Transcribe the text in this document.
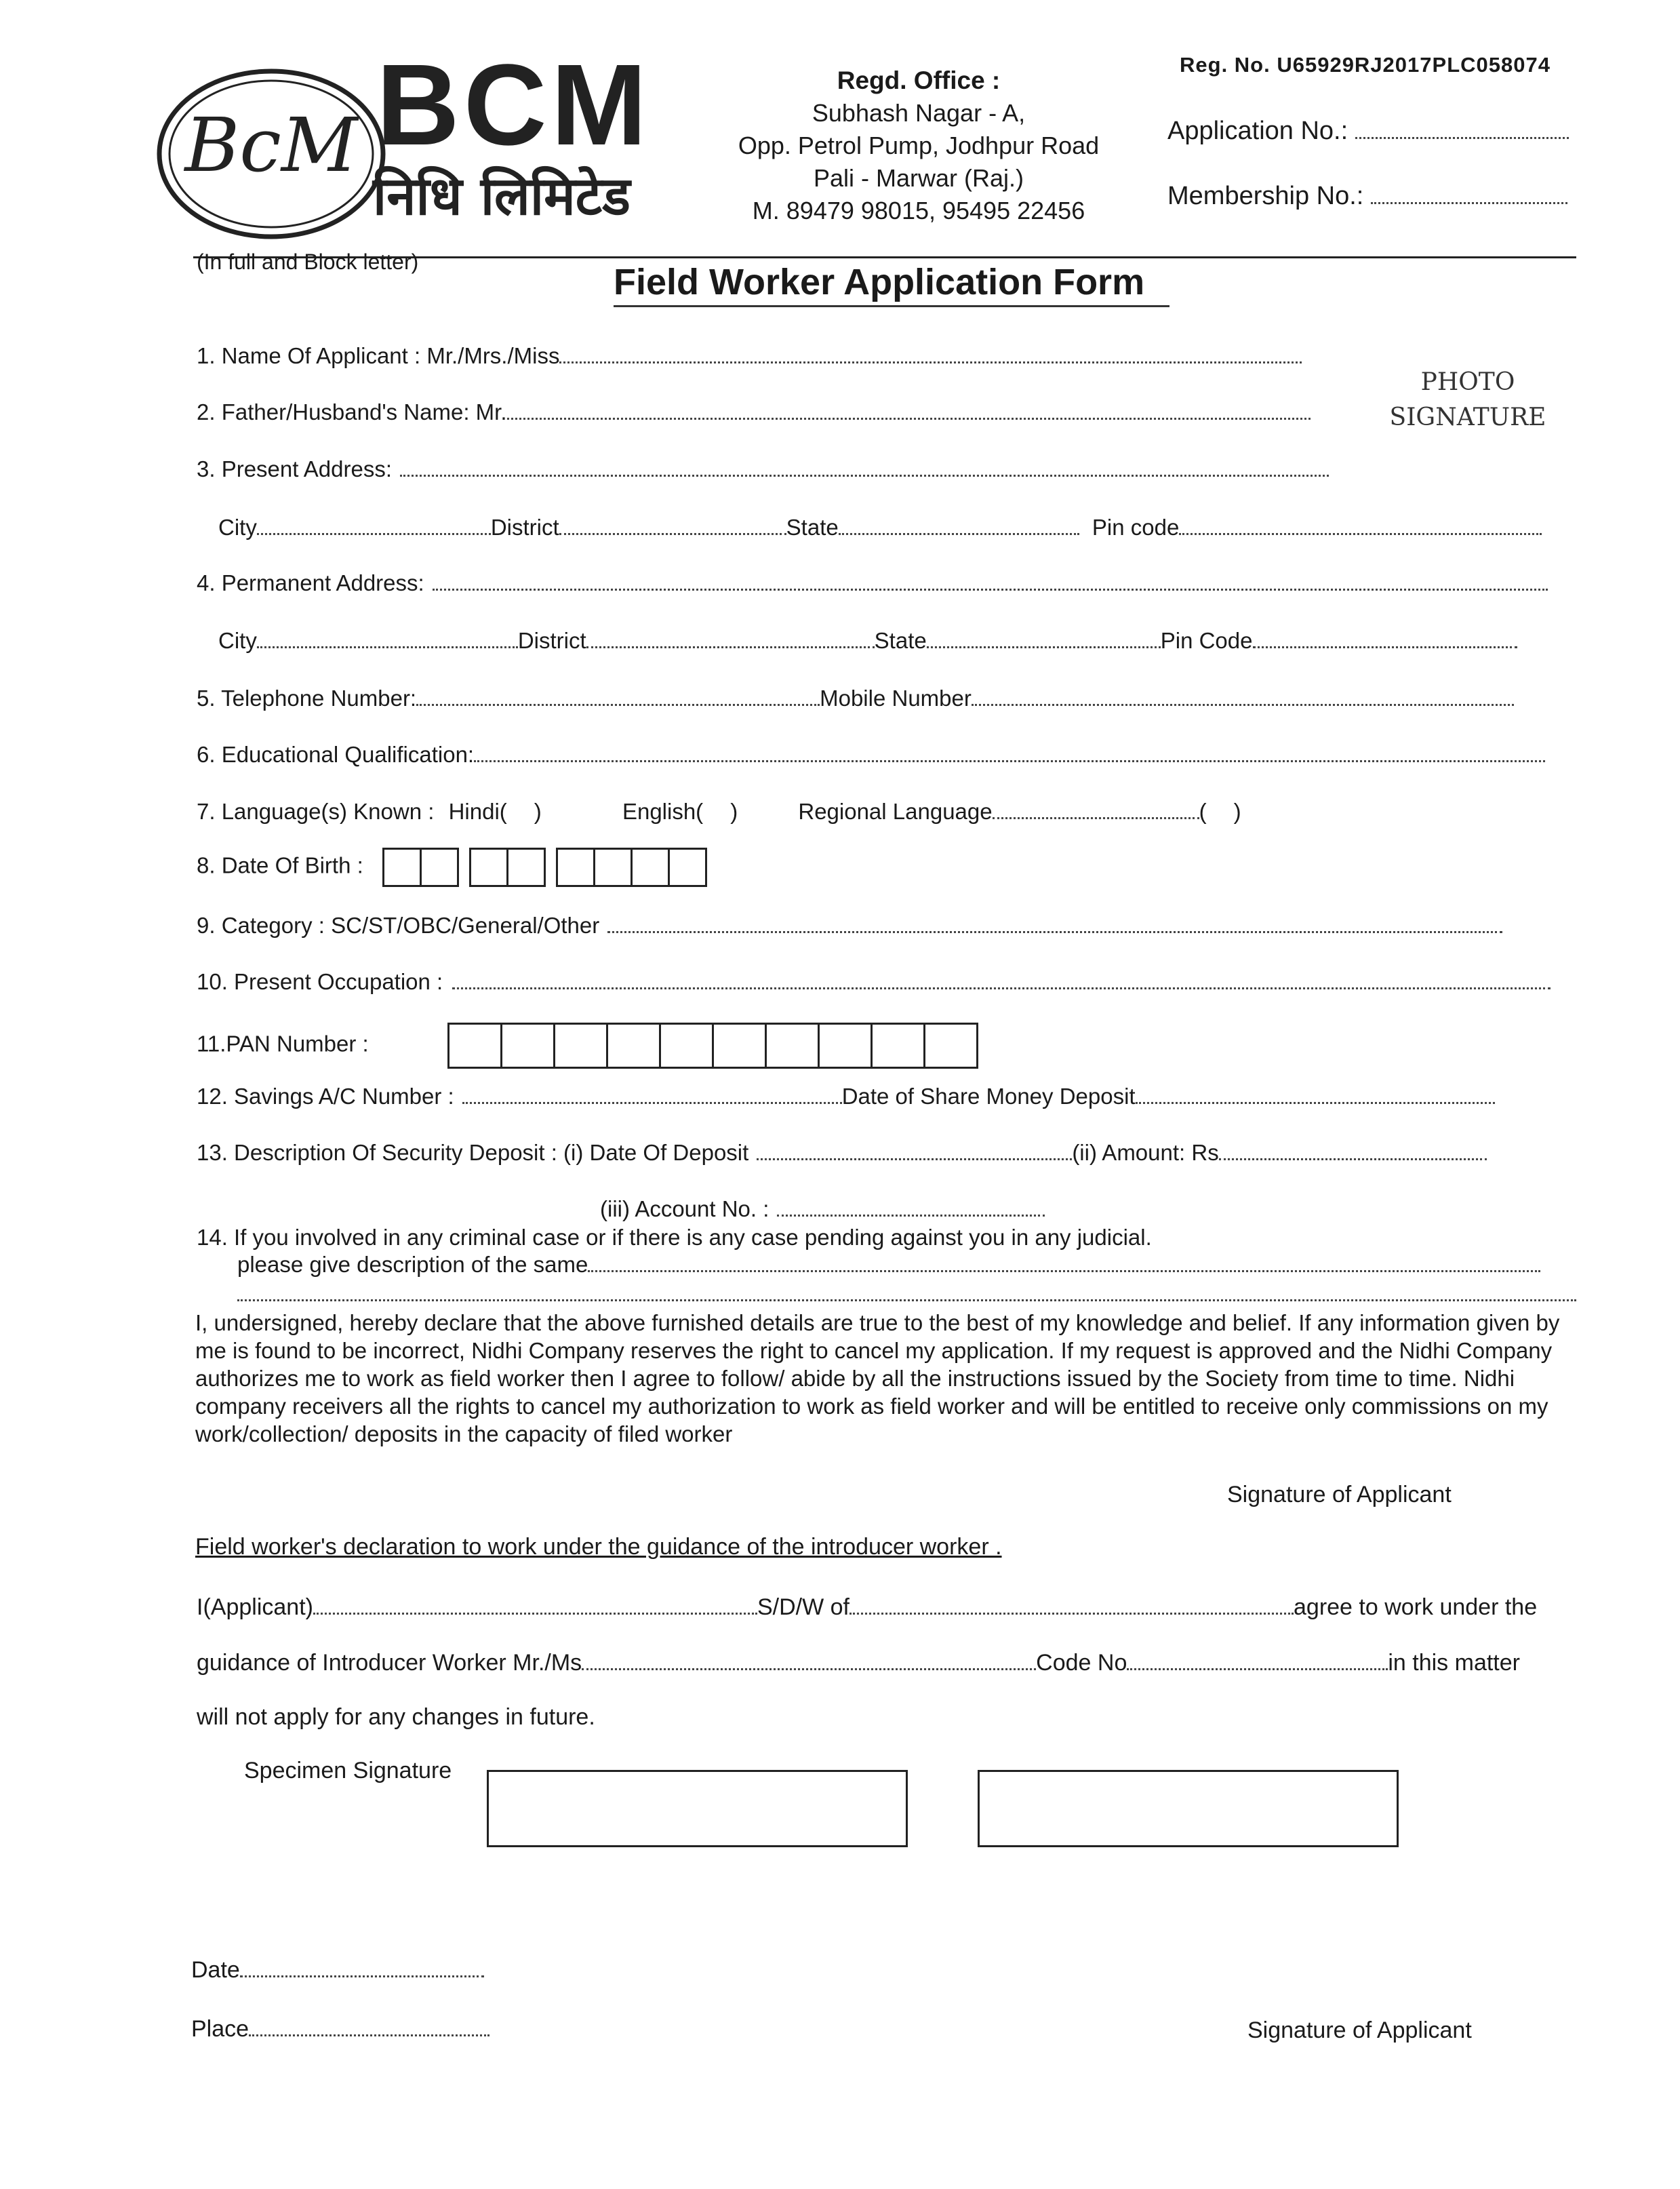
BcM BCM
निधि लिमिटेड
Regd. Office :
Subhash Nagar - A,
Opp. Petrol Pump, Jodhpur Road
Pali - Marwar (Raj.)
M. 89479 98015, 95495 22456
Reg. No. U65929RJ2017PLC058074
Application No.:
Membership No.:
(In full and Block letter)	Field Worker Application Form
PHOTO
SIGNATURE
1. Name Of Applicant : Mr./Mrs./Miss
2. Father/Husband's Name: Mr.
3. Present Address:
City	District	State	Pin code
4. Permanent Address:
City	District	State	Pin Code
5. Telephone Number:	Mobile Number
6. Educational Qualification:
7. Language(s) Known : Hindi( )	English( )	Regional Language	( )
8. Date Of Birth :
9. Category : SC/ST/OBC/General/Other
10. Present Occupation :
11.PAN Number :
12. Savings A/C Number :	Date of Share Money Deposit
13. Description Of Security Deposit : (i) Date Of Deposit	(ii) Amount: Rs
(iii) Account No. :
14. If you involved in any criminal case or if there is any case pending against you in any judicial.
please give description of the same
I, undersigned, hereby declare that the above furnished details are true to the best of my knowledge and belief. If any information given by me is found to be incorrect, Nidhi Company reserves the right to cancel my application. If my request is approved and the Nidhi Company authorizes me to work as field worker then I agree to follow/ abide by all the instructions issued by the Society from time to time. Nidhi company receivers all the rights to cancel my authorization to work as field worker and will be entitled to receive only commissions on my work/collection/ deposits in the capacity of filed worker
Signature of Applicant
Field worker's declaration to work under the guidance of the introducer worker .
I(Applicant)	S/D/W of	agree to work under the
guidance of Introducer Worker Mr./Ms	Code No	in this matter
will not apply for any changes in future.
Specimen Signature
Date
Place	Signature of Applicant
